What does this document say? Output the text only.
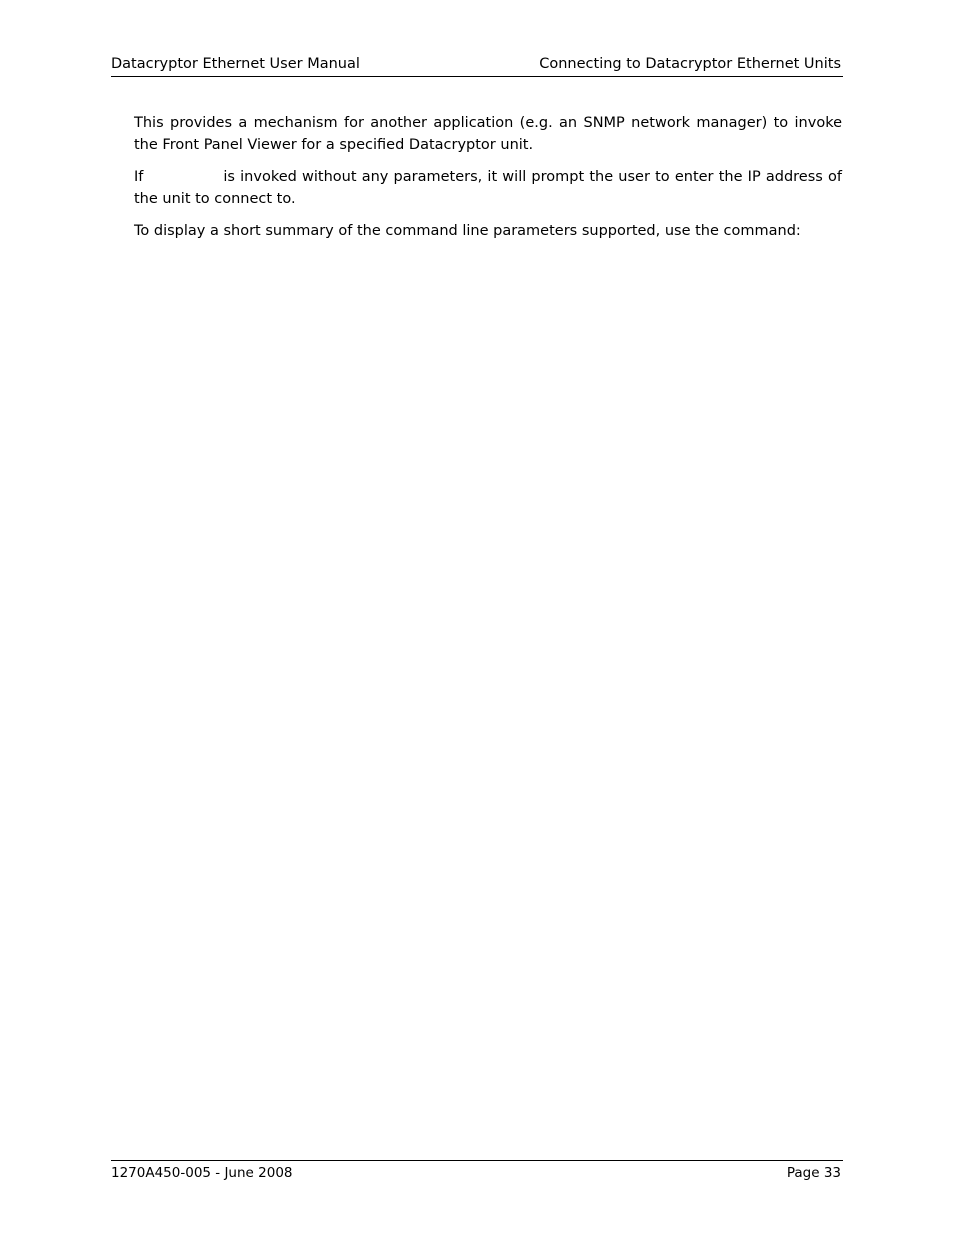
Datacryptor Ethernet User Manual	Connecting to Datacryptor Ethernet Units

This provides a mechanism for another application (e.g. an SNMP network manager) to invoke the Front Panel Viewer for a specified Datacryptor unit.

If	is invoked without any parameters, it will prompt the user to enter the IP address of the unit to connect to.

To display a short summary of the command line parameters supported, use the command:

1270A450-005 - June 2008	Page 33
